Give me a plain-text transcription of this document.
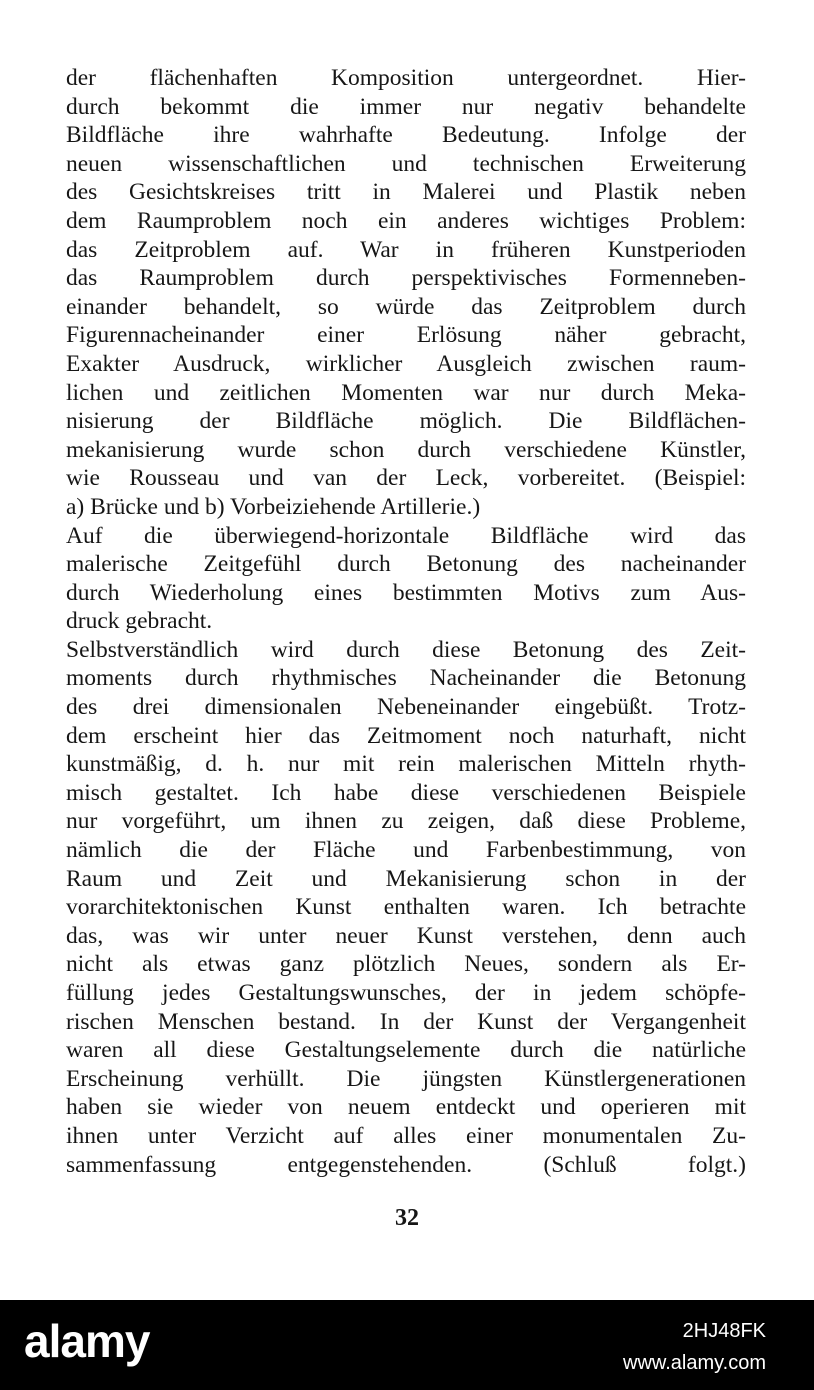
der flächenhaften Komposition untergeordnet. Hier-
durch bekommt die immer nur negativ behandelte
Bildfläche ihre wahrhafte Bedeutung. Infolge der
neuen wissenschaftlichen und technischen Erweiterung
des Gesichtskreises tritt in Malerei und Plastik neben
dem Raumproblem noch ein anderes wichtiges Problem:
das Zeitproblem auf. War in früheren Kunstperioden
das Raumproblem durch perspektivisches Formenneben-
einander behandelt, so würde das Zeitproblem durch
Figurennacheinander einer Erlösung näher gebracht,
Exakter Ausdruck, wirklicher Ausgleich zwischen raum-
lichen und zeitlichen Momenten war nur durch Meka-
nisierung der Bildfläche möglich. Die Bildflächen-
mekanisierung wurde schon durch verschiedene Künstler,
wie Rousseau und van der Leck, vorbereitet. (Beispiel:
a) Brücke und b) Vorbeiziehende Artillerie.)
Auf die überwiegend-horizontale Bildfläche wird das
malerische Zeitgefühl durch Betonung des nacheinander
durch Wiederholung eines bestimmten Motivs zum Aus-
druck gebracht.
Selbstverständlich wird durch diese Betonung des Zeit-
moments durch rhythmisches Nacheinander die Betonung
des drei dimensionalen Nebeneinander eingebüßt. Trotz-
dem erscheint hier das Zeitmoment noch naturhaft, nicht
kunstmäßig, d. h. nur mit rein malerischen Mitteln rhyth-
misch gestaltet. Ich habe diese verschiedenen Beispiele
nur vorgeführt, um ihnen zu zeigen, daß diese Probleme,
nämlich die der Fläche und Farbenbestimmung, von
Raum und Zeit und Mekanisierung schon in der
vorarchitektonischen Kunst enthalten waren. Ich betrachte
das, was wir unter neuer Kunst verstehen, denn auch
nicht als etwas ganz plötzlich Neues, sondern als Er-
füllung jedes Gestaltungswunsches, der in jedem schöpfe-
rischen Menschen bestand. In der Kunst der Vergangenheit
waren all diese Gestaltungselemente durch die natürliche
Erscheinung verhüllt. Die jüngsten Künstlergenerationen
haben sie wieder von neuem entdeckt und operieren mit
ihnen unter Verzicht auf alles einer monumentalen Zu-
sammenfassung entgegenstehenden. (Schluß folgt.)
32
alamy	2HJ48FK
www.alamy.com
